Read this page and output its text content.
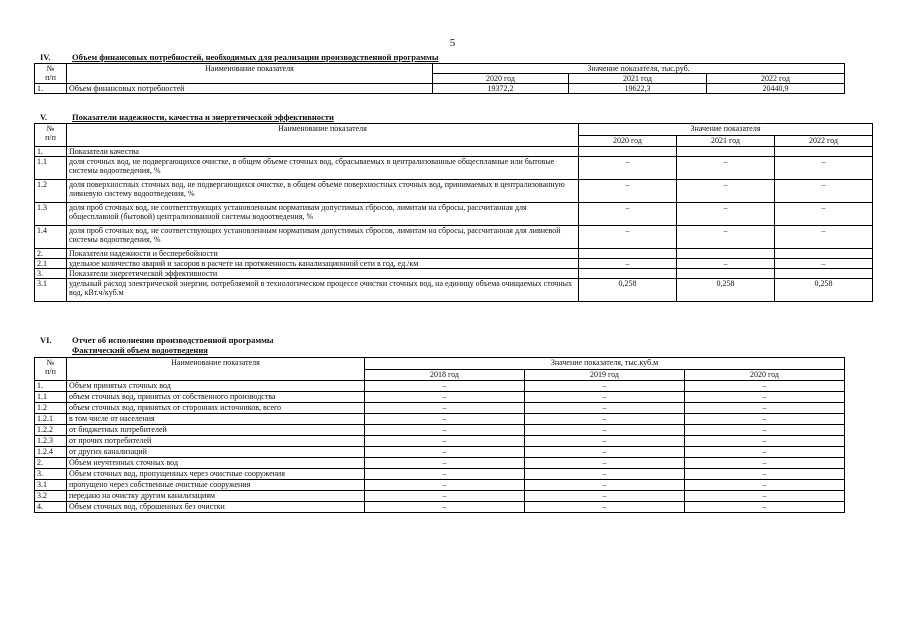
5
IV.	Объем финансовых потребностей, необходимых для реализации производственной программы
№
п/п	Наименование показателя	Значение показателя, тыс.руб.		
		2020 год	2021 год	2022 год
1.	Объем финансовых потребностей	19372,2	19622,3	20440,9
V.	Показатели надежности, качества и энергетической эффективности
№
п/п	Наименование показателя	Значение показателя		
		2020 год	2021 год	2022 год
1.	Показатели качества			
1.1	доля сточных вод, не подвергающихся очистке, в общем объеме сточных вод, сбрасываемых в централизованные общесплавные или бытовые системы водоотведения, %	–	–	–
1.2	доля поверхностных сточных вод, не подвергающихся очистке, в общем объеме поверхностных сточных вод, принимаемых в централизованную ливневую систему водоотведения, %	–	–	–
1.3	доля проб сточных вод, не соответствующих установленным нормативам допустимых сбросов, лимитам на сбросы, рассчитанная для общесплавной (бытовой) централизованной системы водоотведения, %	–	–	–
1.4	доля проб сточных вод, не соответствующих установленным нормативам допустимых сбросов, лимитам на сбросы, рассчитанная для ливневой системы водоотведения, %	–	–	–
2.	Показатели надежности и бесперебойности			
2.1	удельное количество аварий и засоров в расчете на протяженность канализационной сети в год, ед./км	–	–	–
3.	Показатели энергетической эффективности			
3.1	удельный расход электрической энергии, потребляемой в технологическом процессе очистки сточных вод, на единицу объема очищаемых сточных вод, кВт.ч/куб.м	0,258	0,258	0,258
VI. Отчет об исполнении производственной программы
Фактический объем водоотведения
№
п/п	Наименование показателя	Значение показателя, тыс.куб.м		
		2018 год	2019 год	2020 год
1.	Объем принятых сточных вод	–	–	–
1.1	объем сточных вод, принятых от собственного производства	–	–	–
1.2	объем сточных вод, принятых от сторонних источников, всего	–	–	–
1.2.1	в том числе от населения	–	–	–
1.2.2	от бюджетных потребителей	–	–	–
1.2.3	от прочих потребителей	–	–	–
1.2.4	от других канализаций	–	–	–
2.	Объем неучтенных сточных вод	–	–	–
3.	Объем сточных вод, пропущенных через очистные сооружения	–	–	–
3.1	пропущено через собственные очистные сооружения	–	–	–
3.2	передано на очистку другим канализациям	–	–	–
4.	Объем сточных вод, сброшенных без очистки	–	–	–
